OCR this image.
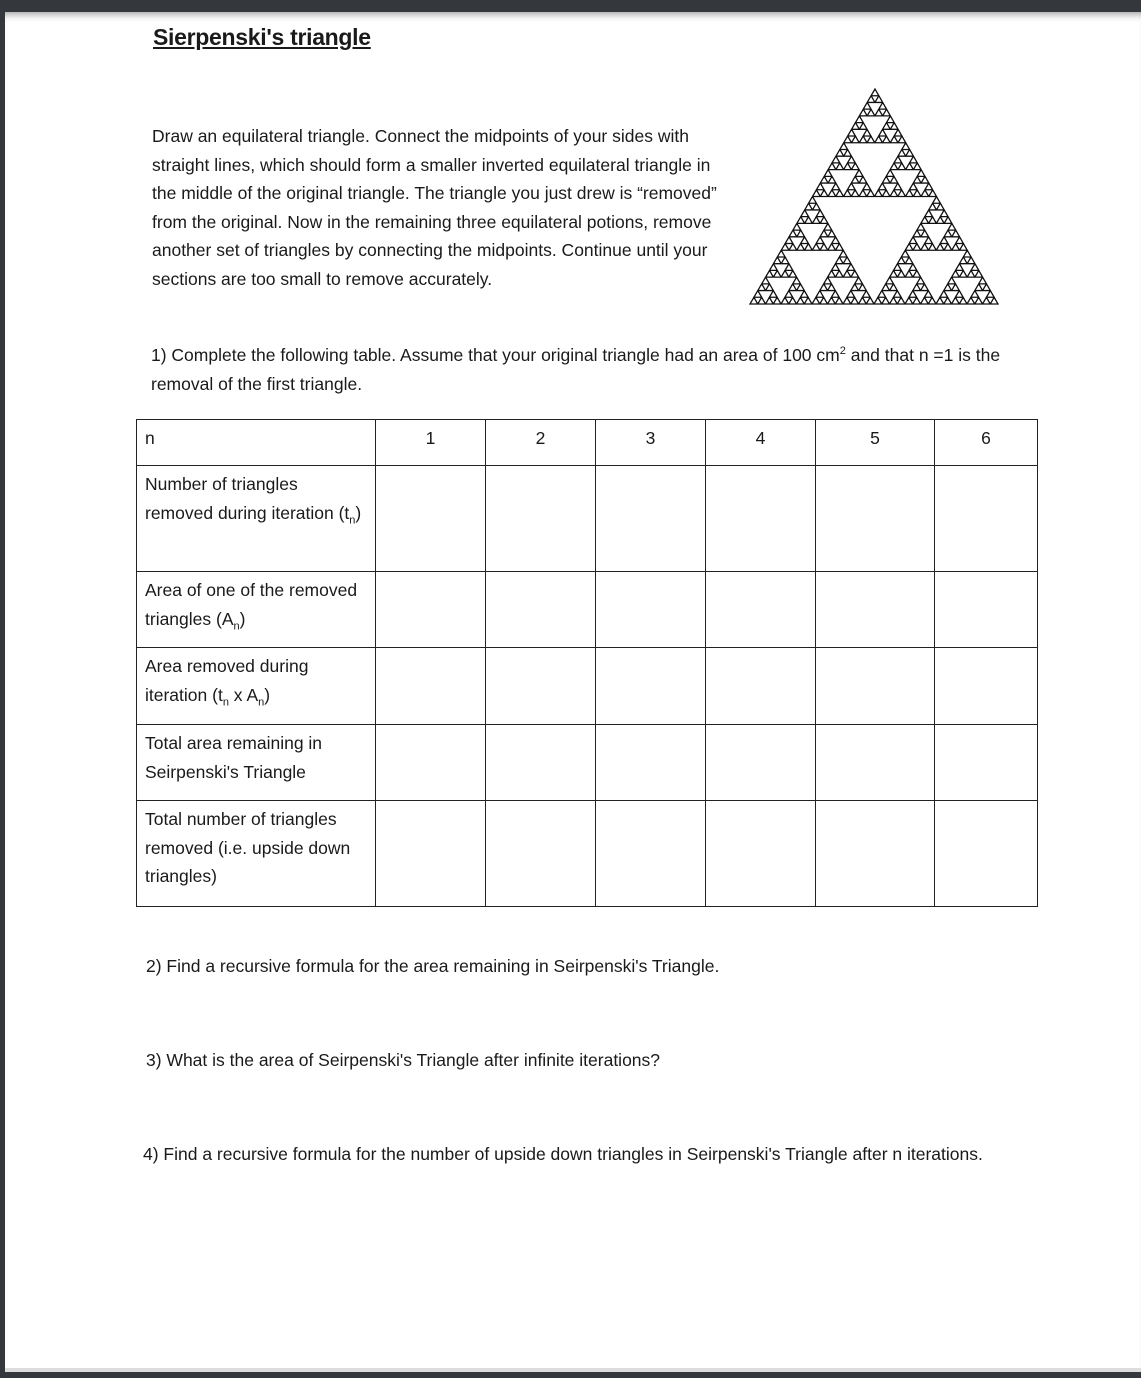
Sierpenski's triangle

Draw an equilateral triangle. Connect the midpoints of your sides with straight lines, which should form a smaller inverted equilateral triangle in the middle of the original triangle. The triangle you just drew is “removed” from the original. Now in the remaining three equilateral potions, remove another set of triangles by connecting the midpoints. Continue until your sections are too small to remove accurately.

1) Complete the following table. Assume that your original triangle had an area of 100 $cm^2$ and that n =1 is the removal of the first triangle.

n	1	2	3	4	5	6
Number of triangles removed during iteration $(t_n)$						
Area of one of the removed triangles $(A_n)$						
Area removed during iteration ($t_n$ x $A_n$)						
Total area remaining in Seirpenski's Triangle						
Total number of triangles removed (i.e. upside down triangles)						

2) Find a recursive formula for the area remaining in Seirpenski's Triangle.

3) What is the area of Seirpenski's Triangle after infinite iterations?

4) Find a recursive formula for the number of upside down triangles in Seirpenski's Triangle after n iterations.
